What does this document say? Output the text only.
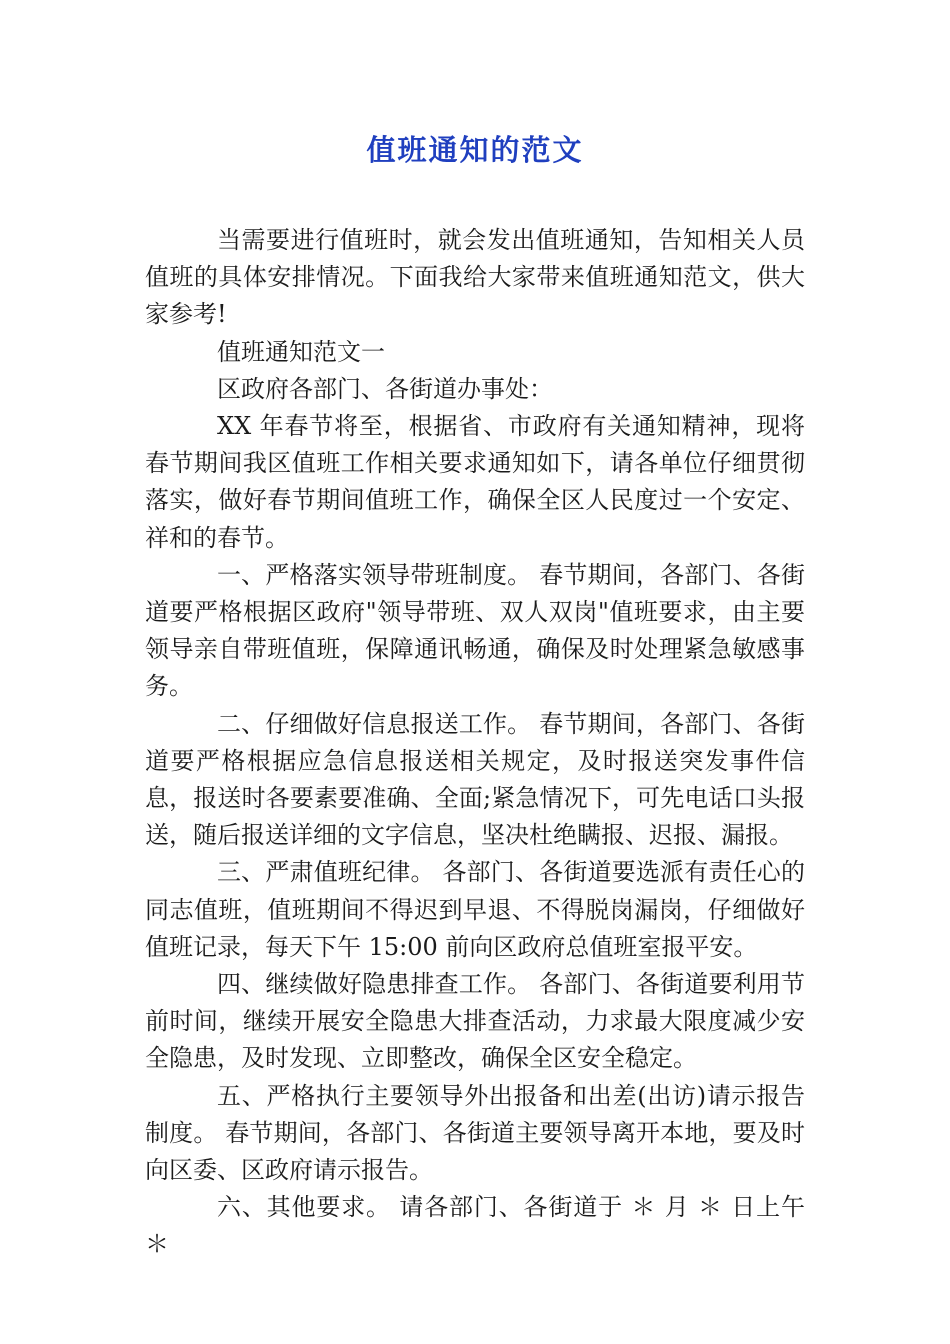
值班通知的范文

当需要进行值班时，就会发出值班通知，告知相关人员值班的具体安排情况。下面我给大家带来值班通知范文，供大家参考!

值班通知范文一

区政府各部门、各街道办事处：

XX 年春节将至，根据省、市政府有关通知精神，现将春节期间我区值班工作相关要求通知如下，请各单位仔细贯彻落实，做好春节期间值班工作，确保全区人民度过一个安定、祥和的春节。

一、严格落实领导带班制度。 春节期间，各部门、各街道要严格根据区政府"领导带班、双人双岗"值班要求，由主要领导亲自带班值班，保障通讯畅通，确保及时处理紧急敏感事务。

二、仔细做好信息报送工作。 春节期间，各部门、各街道要严格根据应急信息报送相关规定，及时报送突发事件信息，报送时各要素要准确、全面;紧急情况下，可先电话口头报送，随后报送详细的文字信息，坚决杜绝瞒报、迟报、漏报。

三、严肃值班纪律。 各部门、各街道要选派有责任心的同志值班，值班期间不得迟到早退、不得脱岗漏岗，仔细做好值班记录，每天下午 15:00 前向区政府总值班室报平安。

四、继续做好隐患排查工作。 各部门、各街道要利用节前时间，继续开展安全隐患大排查活动，力求最大限度减少安全隐患，及时发现、立即整改，确保全区安全稳定。

五、严格执行主要领导外出报备和出差(出访)请示报告制度。 春节期间，各部门、各街道主要领导离开本地，要及时向区委、区政府请示报告。

六、其他要求。 请各部门、各街道于 ＊ 月 ＊ 日上午 ＊
